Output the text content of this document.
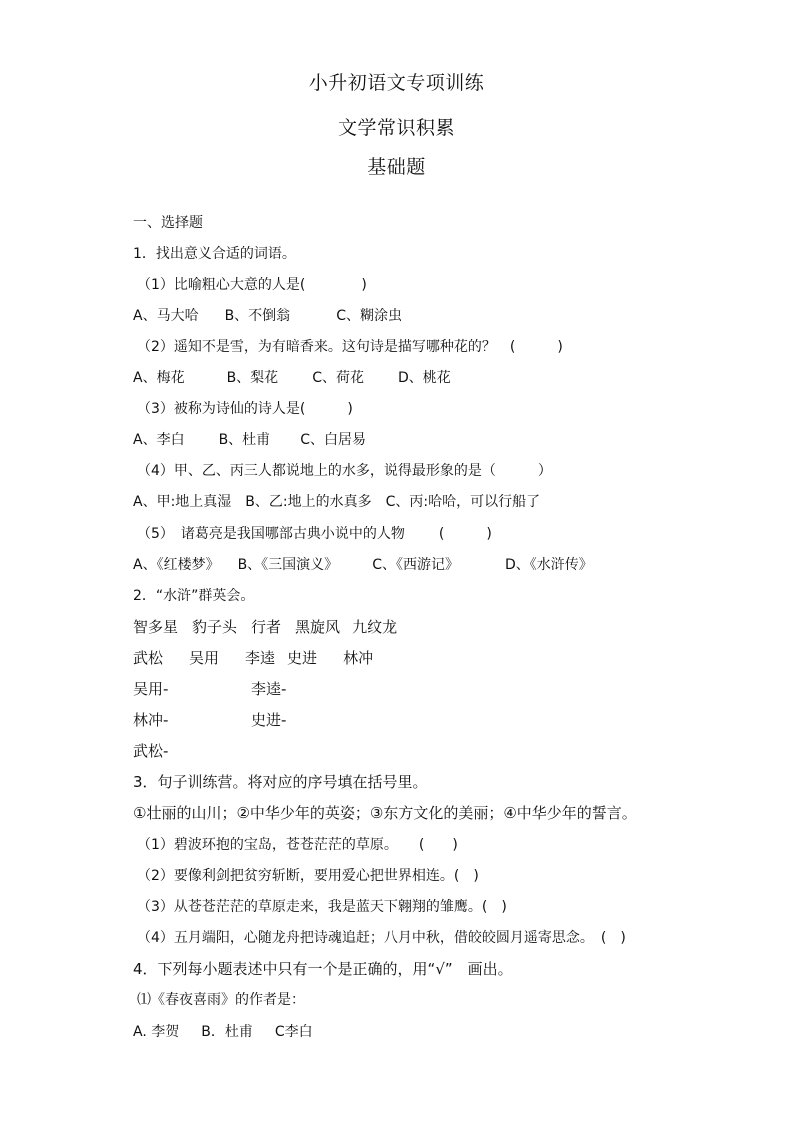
小升初语文专项训练
文学常识积累
基础题
一、选择题
1．找出意义合适的词语。
（1）比喻粗心大意的人是(　　　　)
A、马大哈 B、不倒翁	C、糊涂虫
（2）遥知不是雪，为有暗香来。这句诗是描写哪种花的？　(　　　)
A、梅花	B、梨花 C、荷花 D、桃花
（3）被称为诗仙的诗人是(　　　)
A、李白 B、杜甫 C、白居易
（4）甲、乙、丙三人都说地上的水多，说得最形象的是（　　　）
A、甲:地上真湿 B、乙:地上的水真多 C、丙:哈哈，可以行船了
（5）　诸葛亮是我国哪部古典小说中的人物 (　　　)
A、《红楼梦》 B、《三国演义》 C、《西游记》	D、《水浒传》
2．“水浒”群英会。
智多星 豹子头 行者 黑旋风 九纹龙
武松 吴用 李逵 史进 林冲
吴用-	李逵-
林冲-	史进-
武松-
3．句子训练营。将对应的序号填在括号里。
①壮丽的山川；②中华少年的英姿；③东方文化的美丽；④中华少年的誓言。
（1）碧波环抱的宝岛，苍苍茫茫的草原。　　(　　)
（2）要像利剑把贫穷斩断，要用爱心把世界相连。(　)
（3）从苍苍茫茫的草原走来，我是蓝天下翱翔的雏鹰。(　)
（4）五月端阳，心随龙舟把诗魂追赶；八月中秋，借皎皎圆月遥寄思念。　(　)
4．下列每小题表述中只有一个是正确的，用“√”　画出。
⑴《春夜喜雨》的作者是：
A. 李贺 B．杜甫 C李白
